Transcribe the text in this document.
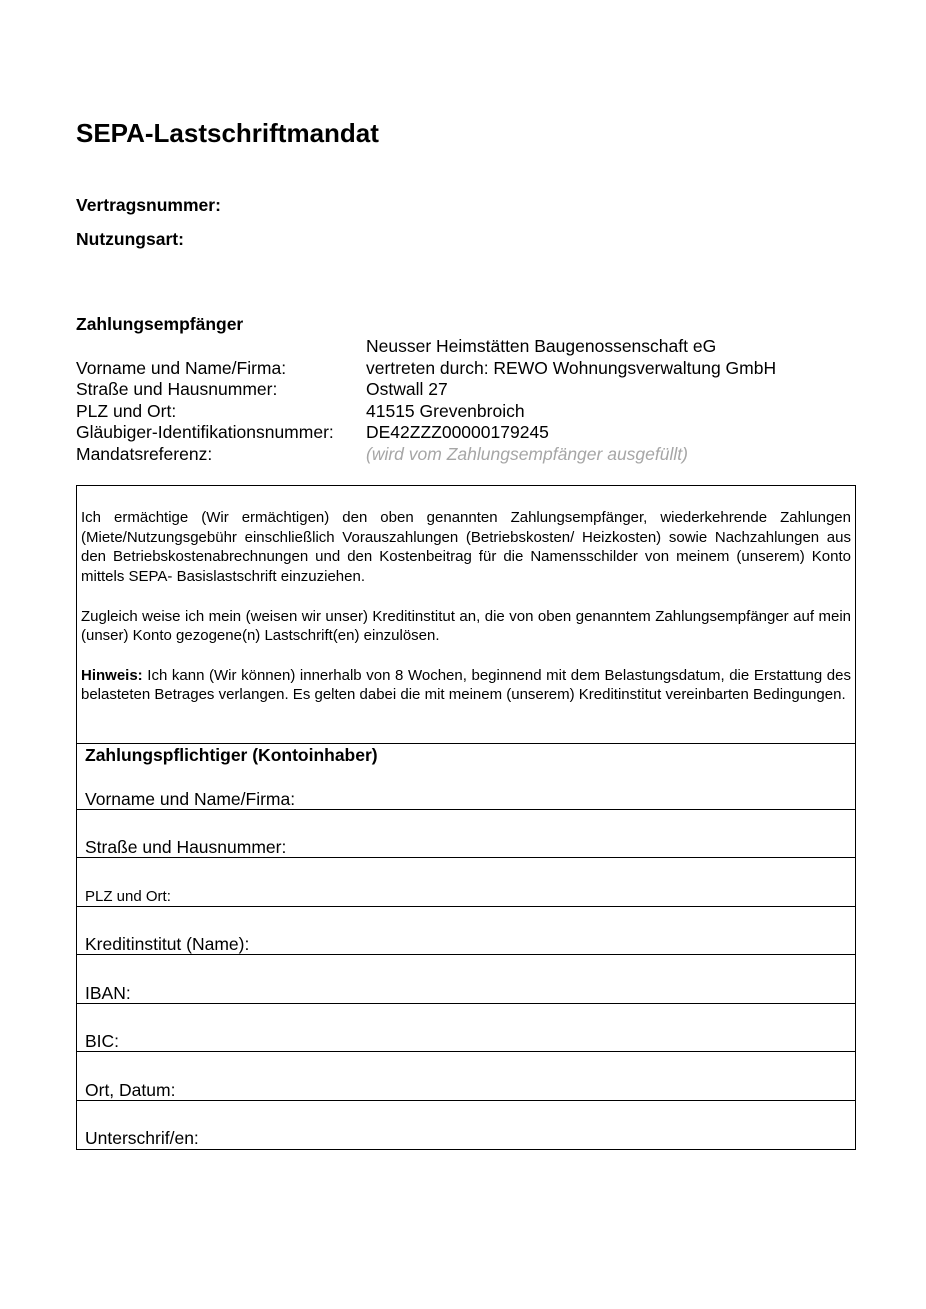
SEPA-Lastschriftmandat
Vertragsnummer:
Nutzungsart:
Zahlungsempfänger
Neusser Heimstätten Baugenossenschaft eG
Vorname und Name/Firma:	vertreten durch: REWO Wohnungsverwaltung GmbH
Straße und Hausnummer:	Ostwall 27
PLZ und Ort:	41515 Grevenbroich
Gläubiger-Identifikationsnummer:	DE42ZZZ00000179245
Mandatsreferenz:	(wird vom Zahlungsempfänger ausgefüllt)

Ich ermächtige (Wir ermächtigen) den oben genannten Zahlungsempfänger, wiederkehrende Zahlungen (Miete/Nutzungsgebühr einschließlich Vorauszahlungen (Betriebskosten/ Heizkosten) sowie Nachzahlungen aus den Betriebskostenabrechnungen und den Kostenbeitrag für die Namensschilder von meinem (unserem) Konto mittels SEPA- Basislastschrift einzuziehen.

Zugleich weise ich mein (weisen wir unser) Kreditinstitut an, die von oben genanntem Zahlungsempfänger auf mein (unser) Konto gezogene(n) Lastschrift(en) einzulösen.

Hinweis: Ich kann (Wir können) innerhalb von 8 Wochen, beginnend mit dem Belastungsdatum, die Erstattung des belasteten Betrages verlangen. Es gelten dabei die mit meinem (unserem) Kreditinstitut vereinbarten Bedingungen.

Zahlungspflichtiger (Kontoinhaber)
Vorname und Name/Firma:
Straße und Hausnummer:
PLZ und Ort:
Kreditinstitut (Name):
IBAN:
BIC:
Ort, Datum:
Unterschrif/en:
